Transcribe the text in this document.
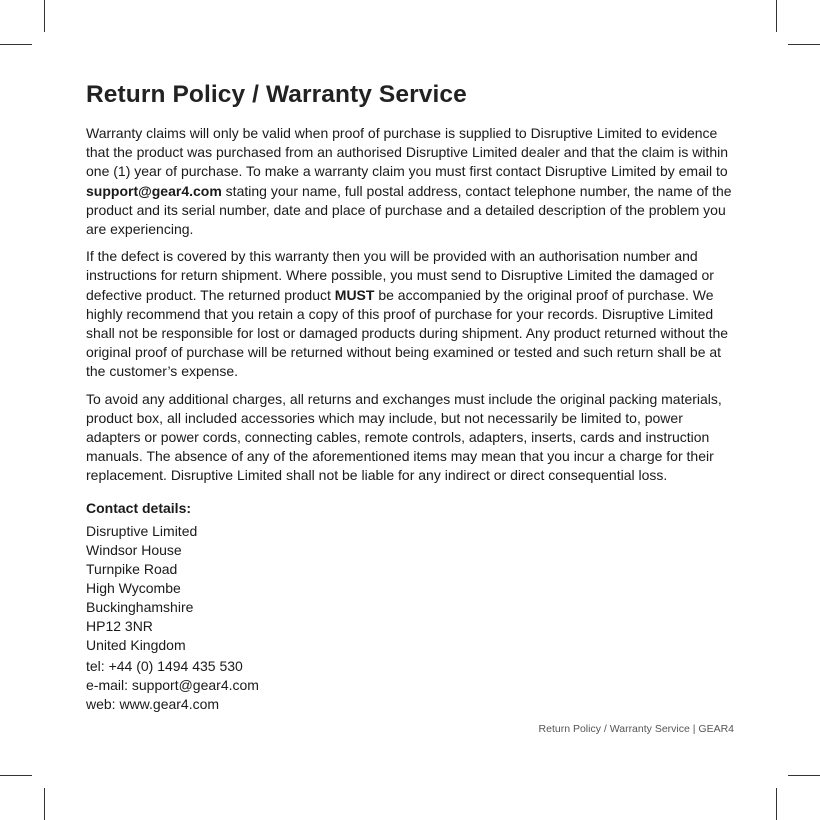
Return Policy / Warranty Service

Warranty claims will only be valid when proof of purchase is supplied to Disruptive Limited to evidence that the product was purchased from an authorised Disruptive Limited dealer and that the claim is within one (1) year of purchase. To make a warranty claim you must first contact Disruptive Limited by email to support@gear4.com stating your name, full postal address, contact telephone number, the name of the product and its serial number, date and place of purchase and a detailed description of the problem you are experiencing.

If the defect is covered by this warranty then you will be provided with an authorisation number and instructions for return shipment. Where possible, you must send to Disruptive Limited the damaged or defective product. The returned product MUST be accompanied by the original proof of purchase. We highly recommend that you retain a copy of this proof of purchase for your records. Disruptive Limited shall not be responsible for lost or damaged products during shipment. Any product returned without the original proof of purchase will be returned without being examined or tested and such return shall be at the customer’s expense.

To avoid any additional charges, all returns and exchanges must include the original packing materials, product box, all included accessories which may include, but not necessarily be limited to, power adapters or power cords, connecting cables, remote controls, adapters, inserts, cards and instruction manuals. The absence of any of the aforementioned items may mean that you incur a charge for their replacement. Disruptive Limited shall not be liable for any indirect or direct consequential loss.

Contact details:
Disruptive Limited
Windsor House
Turnpike Road
High Wycombe
Buckinghamshire
HP12 3NR
United Kingdom
tel: +44 (0) 1494 435 530
e-mail: support@gear4.com
web: www.gear4.com
Return Policy / Warranty Service | GEAR4
